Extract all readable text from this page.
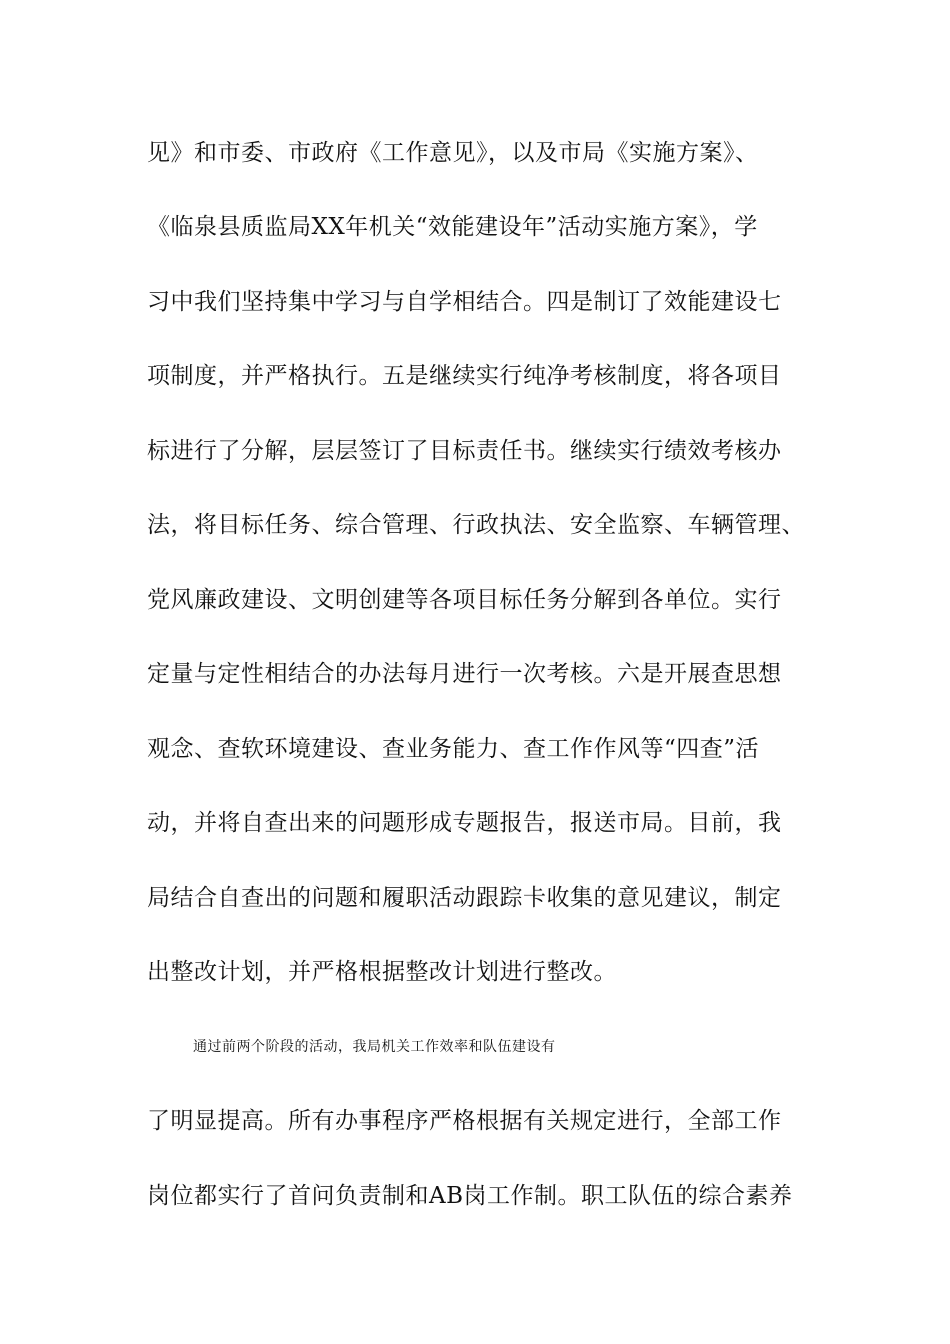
见》和市委、市政府《工作意见》，以及市局《实施方案》、
《临泉县质监局XX年机关“效能建设年”活动实施方案》，学
习中我们坚持集中学习与自学相结合。四是制订了效能建设七
项制度，并严格执行。五是继续实行纯净考核制度，将各项目
标进行了分解，层层签订了目标责任书。继续实行绩效考核办
法，将目标任务、综合管理、行政执法、安全监察、车辆管理、
党风廉政建设、文明创建等各项目标任务分解到各单位。实行
定量与定性相结合的办法每月进行一次考核。六是开展查思想
观念、查软环境建设、查业务能力、查工作作风等“四查”活
动，并将自查出来的问题形成专题报告，报送市局。目前，我
局结合自查出的问题和履职活动跟踪卡收集的意见建议，制定
出整改计划，并严格根据整改计划进行整改。
通过前两个阶段的活动，我局机关工作效率和队伍建设有
了明显提高。所有办事程序严格根据有关规定进行，全部工作
岗位都实行了首问负责制和AB岗工作制。职工队伍的综合素养
